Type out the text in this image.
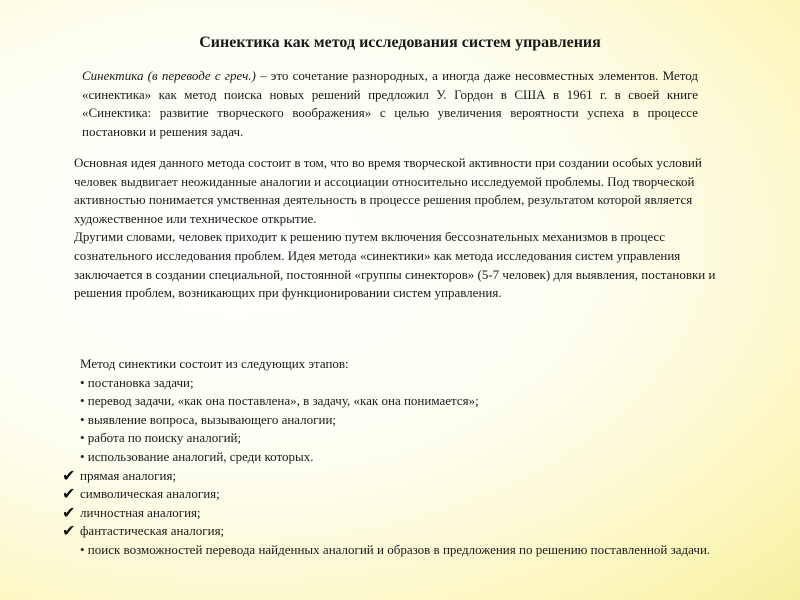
Синектика как метод исследования систем управления
Синектика (в переводе с греч.) – это сочетание разнородных, а иногда даже несовместных элементов. Метод «синектика» как метод поиска новых решений предложил У. Гордон в США в 1961 г. в своей книге «Синектика: развитие творческого воображения» с целью увеличения вероятности успеха в процессе постановки и решения задач.

Основная идея данного метода состоит в том, что во время творческой активности при создании особых условий человек выдвигает неожиданные аналогии и ассоциации относительно исследуемой проблемы. Под творческой активностью понимается умственная деятельность в процессе решения проблем, результатом которой является художественное или техническое открытие.

Другими словами, человек приходит к решению путем включения бессознательных механизмов в процесс сознательного исследования проблем. Идея метода «синектики» как метода исследования систем управления заключается в создании специальной, постоянной «группы синекторов» (5-7 человек) для выявления, постановки и решения проблем, возникающих при функционировании систем управления.

Метод синектики состоит из следующих этапов:
• постановка задачи;
• перевод задачи, «как она поставлена», в задачу, «как она понимается»;
• выявление вопроса, вызывающего аналогии;
• работа по поиску аналогий;
• использование аналогий, среди которых.
✔ прямая аналогия;
✔ символическая аналогия;
✔ личностная аналогия;
✔ фантастическая аналогия;
• поиск возможностей перевода найденных аналогий и образов в предложения по решению поставленной задачи.
